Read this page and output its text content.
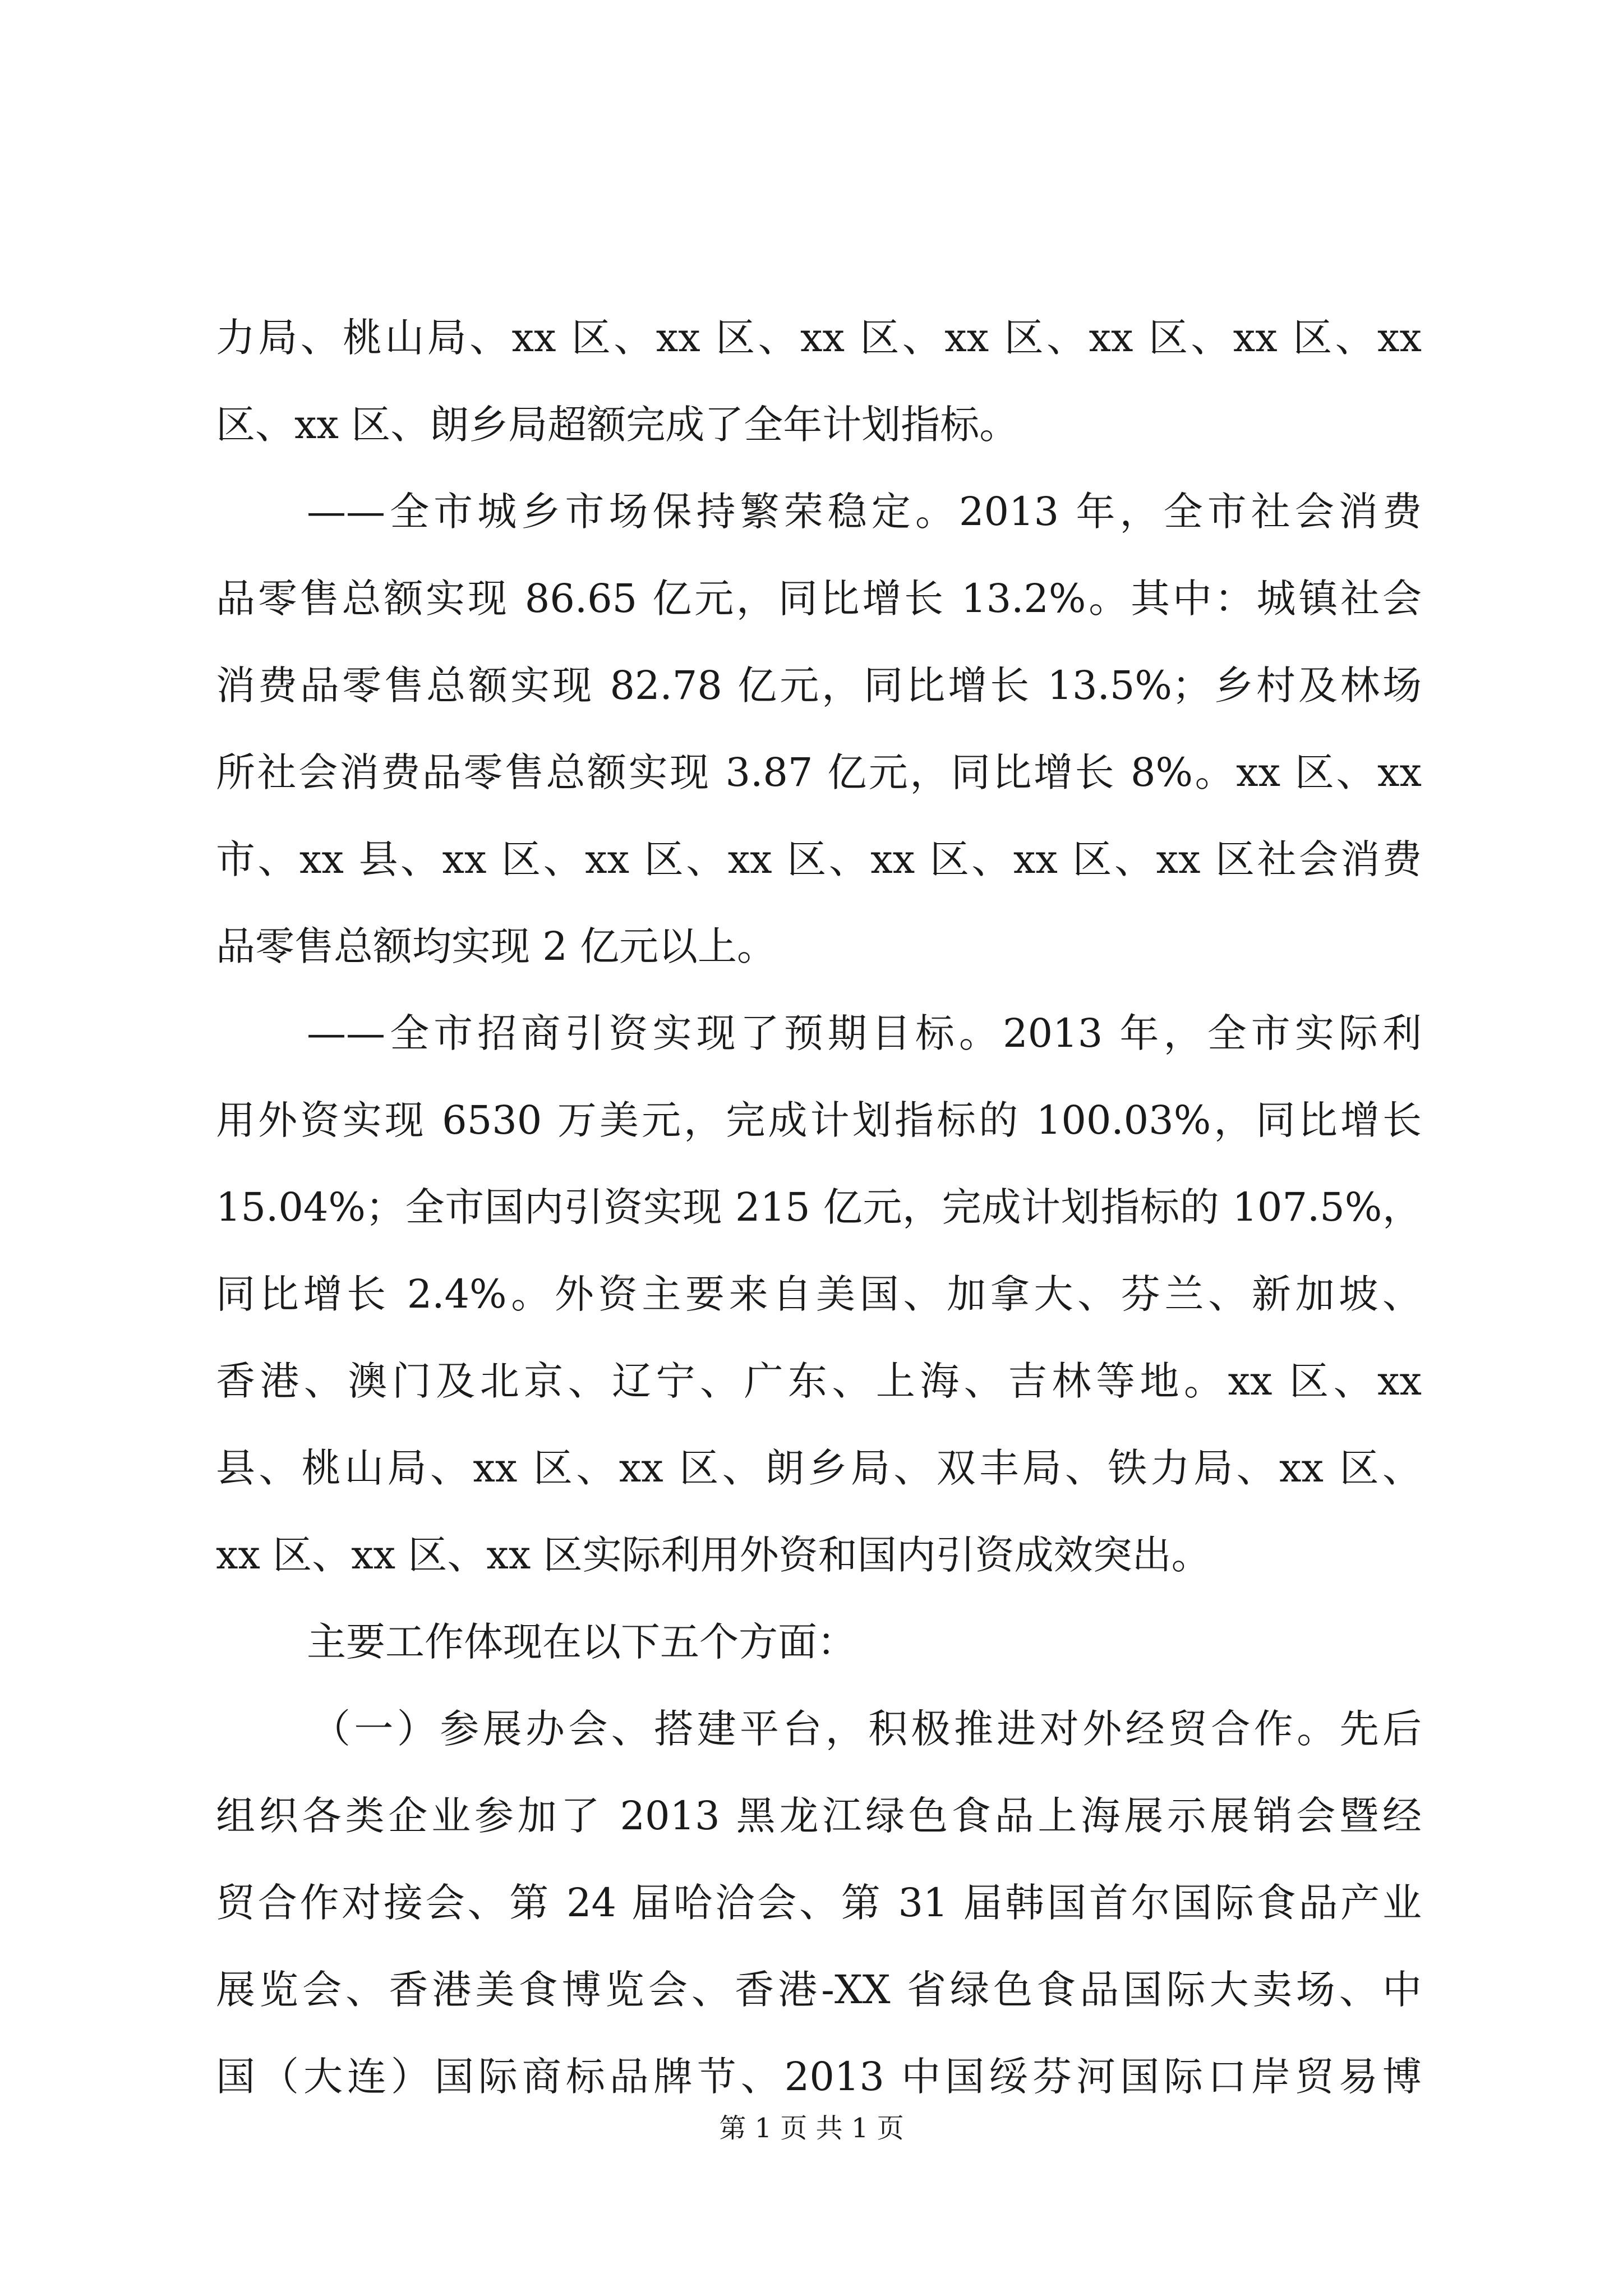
力局、桃山局、xx 区、xx 区、xx 区、xx 区、xx 区、xx 区、xx
区、xx 区、朗乡局超额完成了全年计划指标。
——全市城乡市场保持繁荣稳定。2013 年，全市社会消费
品零售总额实现 86.65 亿元，同比增长 13.2%。其中：城镇社会
消费品零售总额实现 82.78 亿元，同比增长 13.5%；乡村及林场
所社会消费品零售总额实现 3.87 亿元，同比增长 8%。xx 区、xx
市、xx 县、xx 区、xx 区、xx 区、xx 区、xx 区、xx 区社会消费
品零售总额均实现 2 亿元以上。
——全市招商引资实现了预期目标。2013 年，全市实际利
用外资实现 6530 万美元，完成计划指标的 100.03%，同比增长
15.04%；全市国内引资实现 215 亿元，完成计划指标的 107.5%，
同比增长 2.4%。外资主要来自美国、加拿大、芬兰、新加坡、
香港、澳门及北京、辽宁、广东、上海、吉林等地。xx 区、xx
县、桃山局、xx 区、xx 区、朗乡局、双丰局、铁力局、xx 区、
xx 区、xx 区、xx 区实际利用外资和国内引资成效突出。
主要工作体现在以下五个方面：
（一）参展办会、搭建平台，积极推进对外经贸合作。先后
组织各类企业参加了 2013 黑龙江绿色食品上海展示展销会暨经
贸合作对接会、第 24 届哈洽会、第 31 届韩国首尔国际食品产业
展览会、香港美食博览会、香港-XX 省绿色食品国际大卖场、中
国（大连）国际商标品牌节、2013 中国绥芬河国际口岸贸易博
第 1 页 共 1 页
